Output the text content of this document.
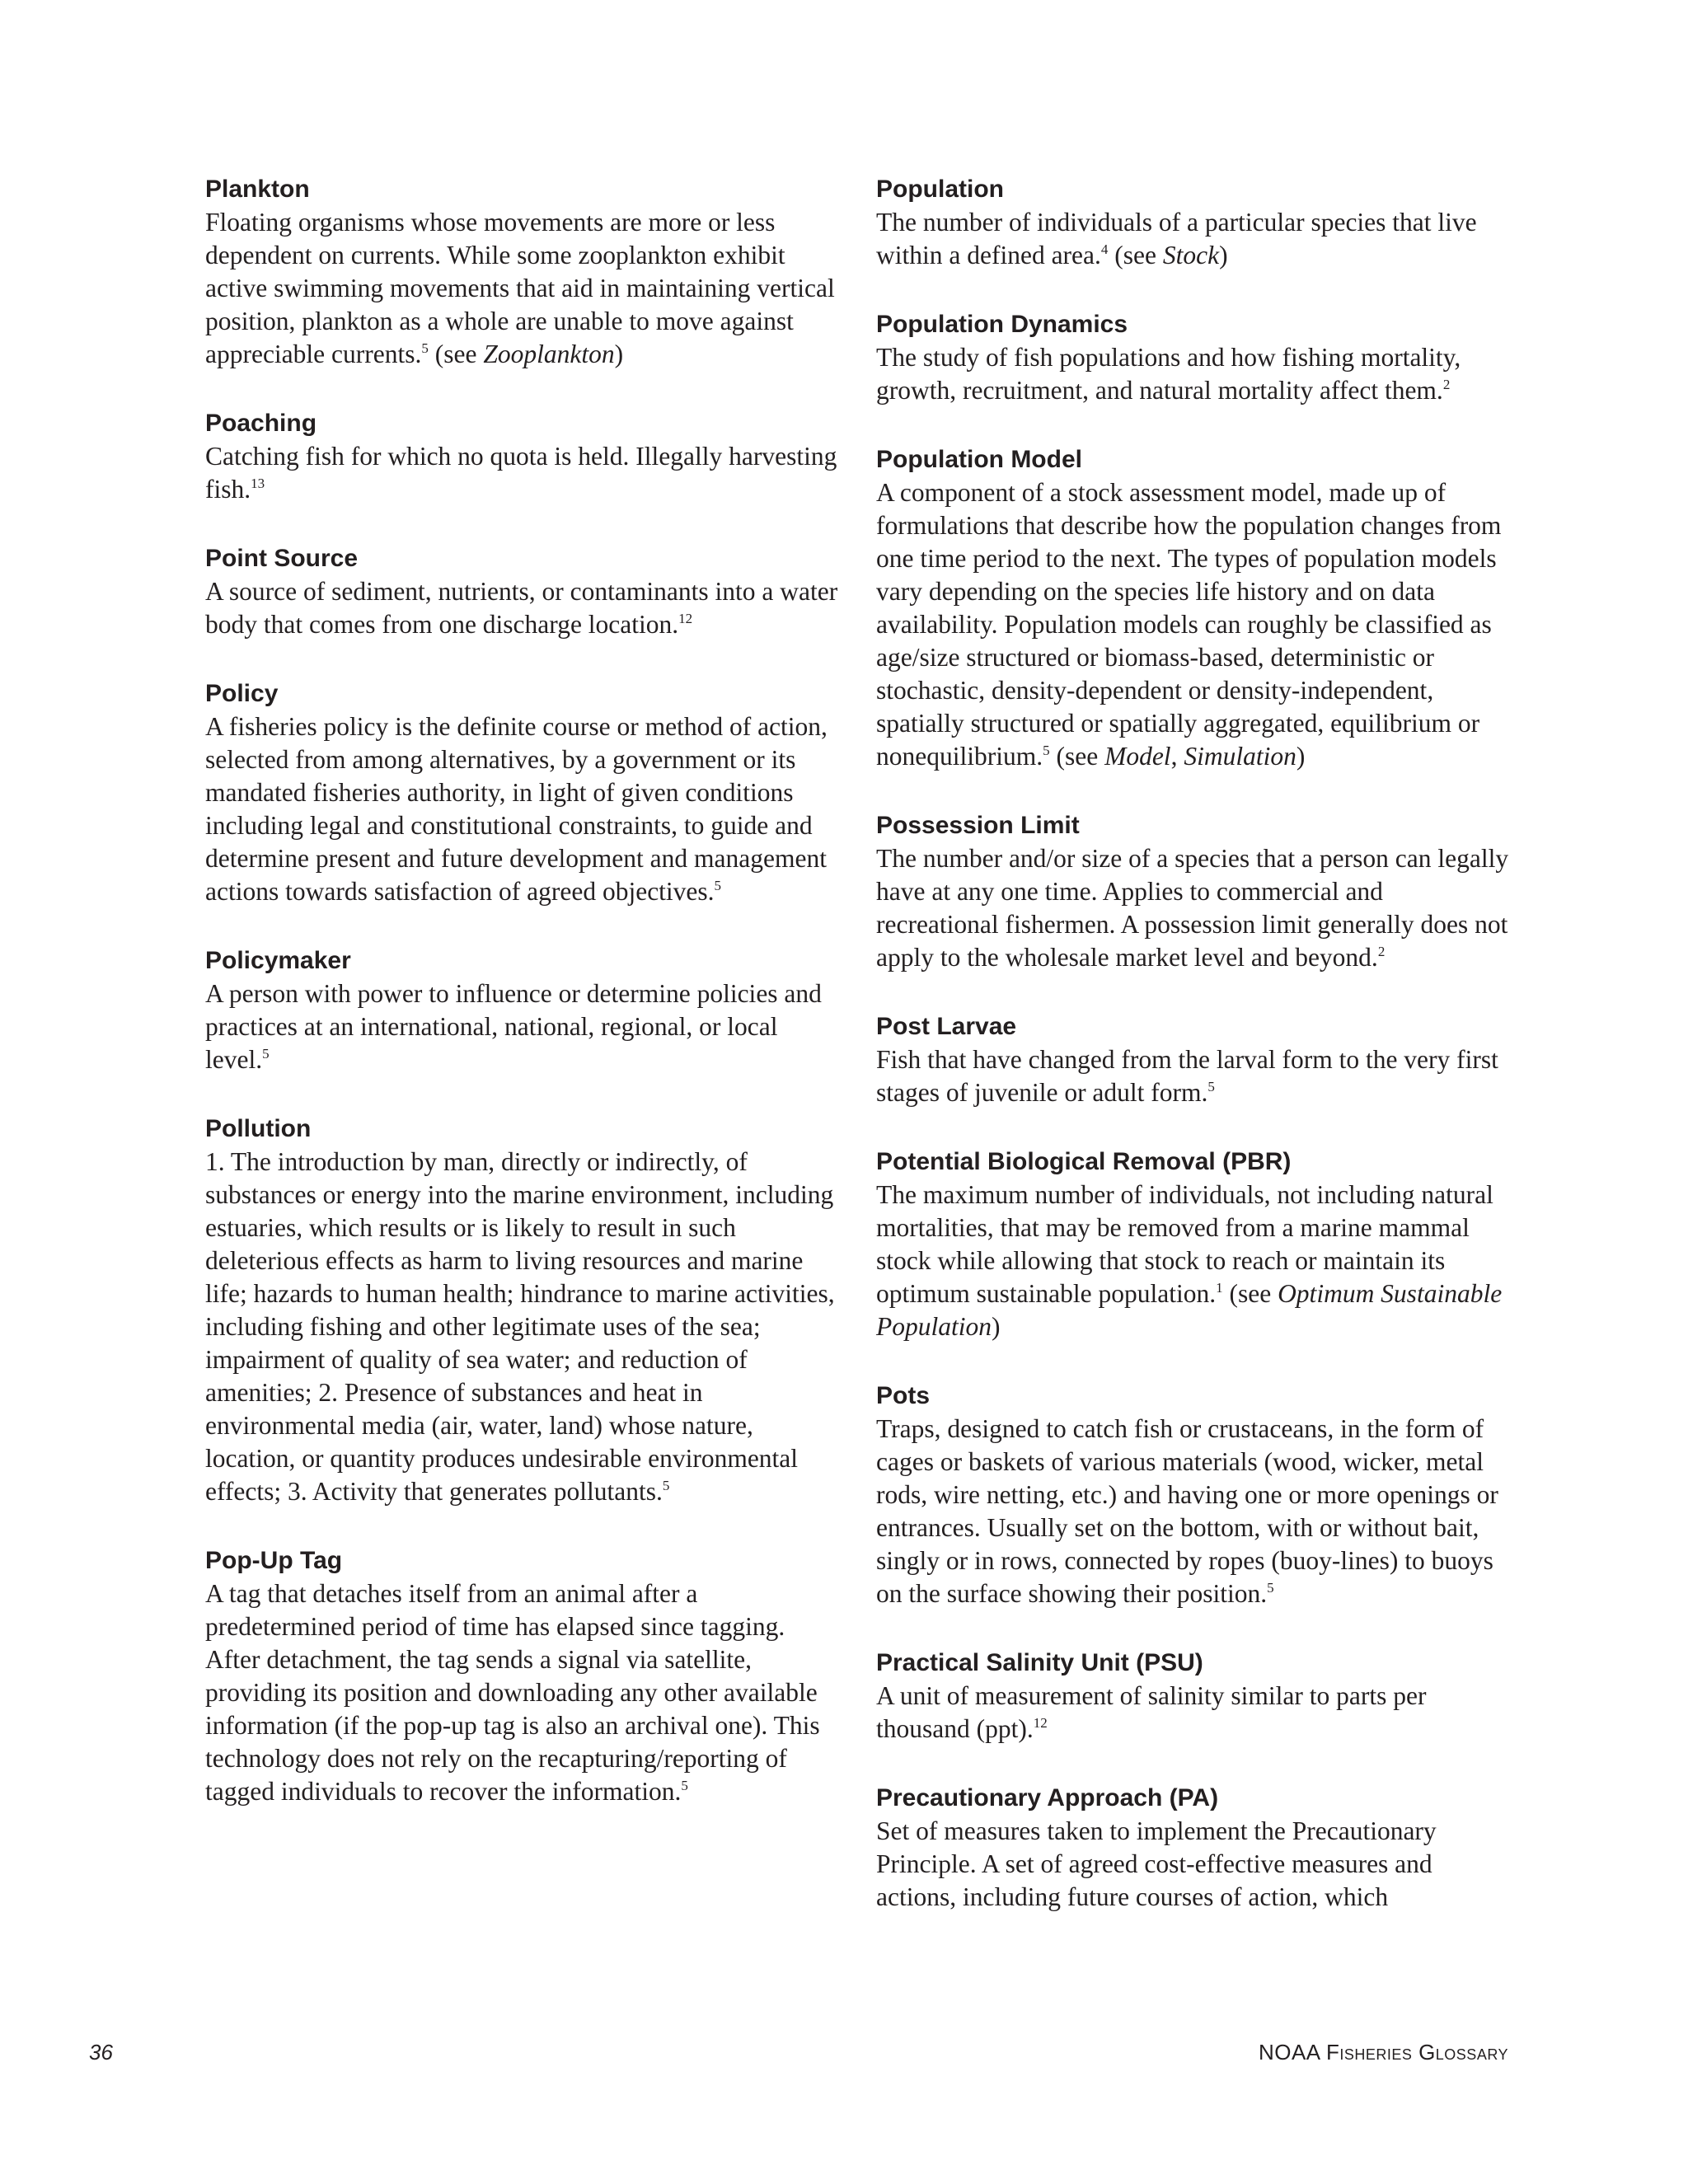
Plankton
Floating organisms whose movements are more or less dependent on currents. While some zooplankton exhibit active swimming movements that aid in maintaining vertical position, plankton as a whole are unable to move against appreciable currents.$^5$ (see Zooplankton)
Poaching
Catching fish for which no quota is held. Illegally harvesting fish.$^{13}$
Point Source
A source of sediment, nutrients, or contaminants into a water body that comes from one discharge location.$^{12}$
Policy
A fisheries policy is the definite course or method of action, selected from among alternatives, by a government or its mandated fisheries authority, in light of given conditions including legal and constitutional constraints, to guide and determine present and future development and management actions towards satisfaction of agreed objectives.$^5$
Policymaker
A person with power to influence or determine policies and practices at an international, national, regional, or local level.$^5$
Pollution
1. The introduction by man, directly or indirectly, of substances or energy into the marine environment, including estuaries, which results or is likely to result in such deleterious effects as harm to living resources and marine life; hazards to human health; hindrance to marine activities, including fishing and other legitimate uses of the sea; impairment of quality of sea water; and reduction of amenities; 2. Presence of substances and heat in environmental media (air, water, land) whose nature, location, or quantity produces undesirable environmental effects; 3. Activity that generates pollutants.$^5$
Pop-Up Tag
A tag that detaches itself from an animal after a predetermined period of time has elapsed since tagging. After detachment, the tag sends a signal via satellite, providing its position and downloading any other available information (if the pop-up tag is also an archival one). This technology does not rely on the recapturing/reporting of tagged individuals to recover the information.$^5$
Population
The number of individuals of a particular species that live within a defined area.$^4$ (see Stock)
Population Dynamics
The study of fish populations and how fishing mortality, growth, recruitment, and natural mortality affect them.$^2$
Population Model
A component of a stock assessment model, made up of formulations that describe how the population changes from one time period to the next. The types of population models vary depending on the species life history and on data availability. Population models can roughly be classified as age/size structured or biomass-based, deterministic or stochastic, density-dependent or density-independent, spatially structured or spatially aggregated, equilibrium or nonequilibrium.$^5$ (see Model, Simulation)
Possession Limit
The number and/or size of a species that a person can legally have at any one time. Applies to commercial and recreational fishermen. A possession limit generally does not apply to the wholesale market level and beyond.$^2$
Post Larvae
Fish that have changed from the larval form to the very first stages of juvenile or adult form.$^5$
Potential Biological Removal (PBR)
The maximum number of individuals, not including natural mortalities, that may be removed from a marine mammal stock while allowing that stock to reach or maintain its optimum sustainable population.$^1$ (see Optimum Sustainable Population)
Pots
Traps, designed to catch fish or crustaceans, in the form of cages or baskets of various materials (wood, wicker, metal rods, wire netting, etc.) and having one or more openings or entrances. Usually set on the bottom, with or without bait, singly or in rows, connected by ropes (buoy-lines) to buoys on the surface showing their position.$^5$
Practical Salinity Unit (PSU)
A unit of measurement of salinity similar to parts per thousand (ppt).$^{12}$
Precautionary Approach (PA)
Set of measures taken to implement the Precautionary Principle. A set of agreed cost-effective measures and actions, including future courses of action, which
36	NOAA Fisheries Glossary
